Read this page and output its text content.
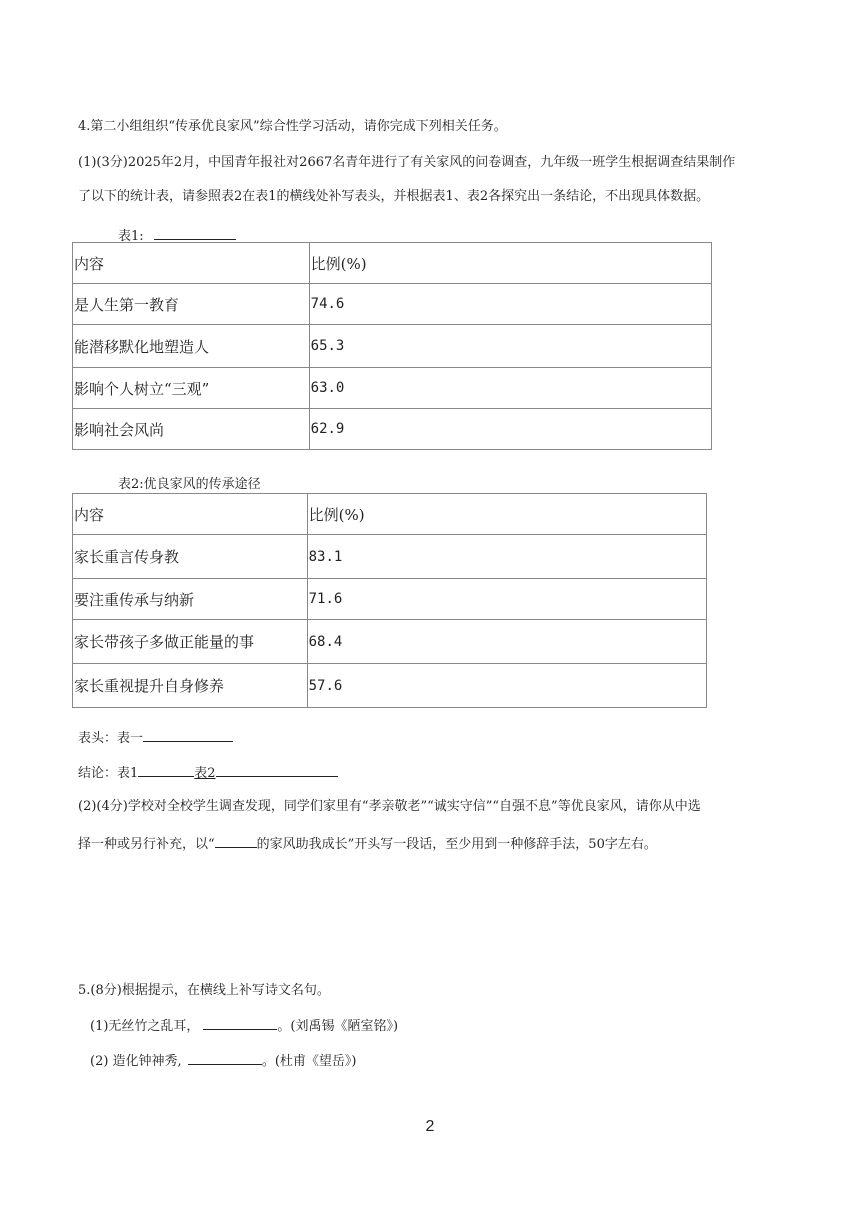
4.第二小组组织“传承优良家风”综合性学习活动，请你完成下列相关任务。
(1)(3分)2025年2月，中国青年报社对2667名青年进行了有关家风的问卷调查，九年级一班学生根据调查结果制作
了以下的统计表，请参照表2在表1的横线处补写表头，并根据表1、表2各探究出一条结论，不出现具体数据。
表1:
内容	比例(%)
是人生第一教育	74.6
能潜移默化地塑造人	65.3
影响个人树立“三观”	63.0
影响社会风尚	62.9
表2:优良家风的传承途径
内容	比例(%)
家长重言传身教	83.1
要注重传承与纳新	71.6
家长带孩子多做正能量的事	68.4
家长重视提升自身修养	57.6
表头：表一
结论：表1	表2
(2)(4分)学校对全校学生调查发现，同学们家里有“孝亲敬老”“诚实守信”“自强不息”等优良家风，请你从中选
择一种或另行补充，以“	的家风助我成长”开头写一段话，至少用到一种修辞手法，50字左右。
5.(8分)根据提示，在横线上补写诗文名句。
(1)无丝竹之乱耳，	。(刘禹锡《陋室铭》)
(2) 造化钟神秀,	。(杜甫《望岳》)
2
